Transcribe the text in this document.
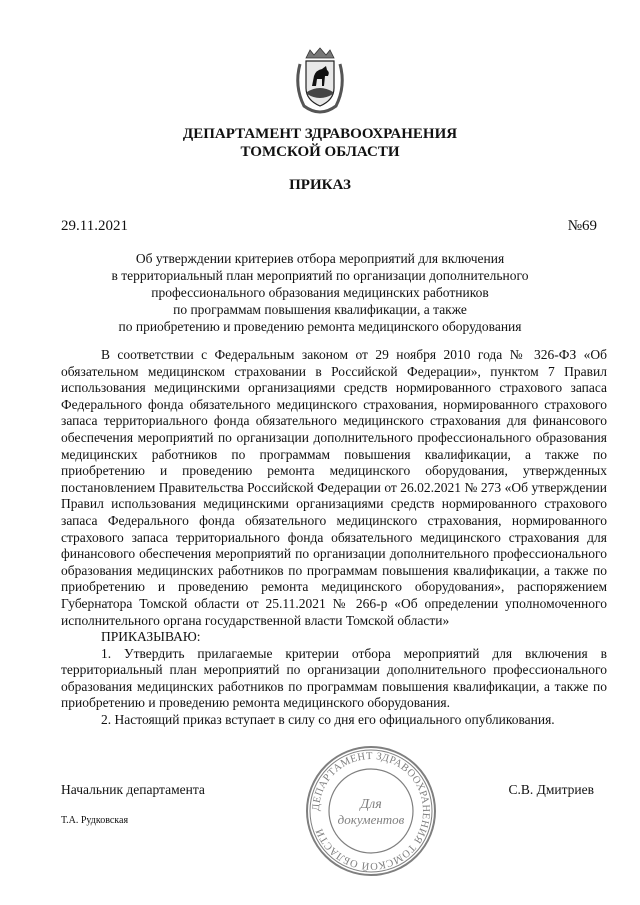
ДЕПАРТАМЕНТ ЗДРАВООХРАНЕНИЯ
ТОМСКОЙ ОБЛАСТИ
ПРИКАЗ
29.11.2021	№69
Об утверждении критериев отбора мероприятий для включения
в территориальный план мероприятий по организации дополнительного
профессионального образования медицинских работников
по программам повышения квалификации, а также
по приобретению и проведению ремонта медицинского оборудования

В соответствии с Федеральным законом от 29 ноября 2010 года № 326-ФЗ «Об обязательном медицинском страховании в Российской Федерации», пунктом 7 Правил использования медицинскими организациями средств нормированного страхового запаса Федерального фонда обязательного медицинского страхования, нормированного страхового запаса территориального фонда обязательного медицинского страхования для финансового обеспечения мероприятий по организации дополнительного профессионального образования медицинских работников по программам повышения квалификации, а также по приобретению и проведению ремонта медицинского оборудования, утвержденных постановлением Правительства Российской Федерации от 26.02.2021 № 273 «Об утверждении Правил использования медицинскими организациями средств нормированного страхового запаса Федерального фонда обязательного медицинского страхования, нормированного страхового запаса территориального фонда обязательного медицинского страхования для финансового обеспечения мероприятий по организации дополнительного профессионального образования медицинских работников по программам повышения квалификации, а также по приобретению и проведению ремонта медицинского оборудования», распоряжением Губернатора Томской области от 25.11.2021 № 266-р «Об определении уполномоченного исполнительного органа государственной власти Томской области»

ПРИКАЗЫВАЮ:

1. Утвердить прилагаемые критерии отбора мероприятий для включения в территориальный план мероприятий по организации дополнительного профессионального образования медицинских работников по программам повышения квалификации, а также по приобретению и проведению ремонта медицинского оборудования.

2. Настоящий приказ вступает в силу со дня его официального опубликования.

Начальник департамента	С.В. Дмитриев
Т.А. Рудковская
ДЕПАРТАМЕНТ ЗДРАВООХРАНЕНИЯ ТОМСКОЙ ОБЛАСТИ
Для
документов
